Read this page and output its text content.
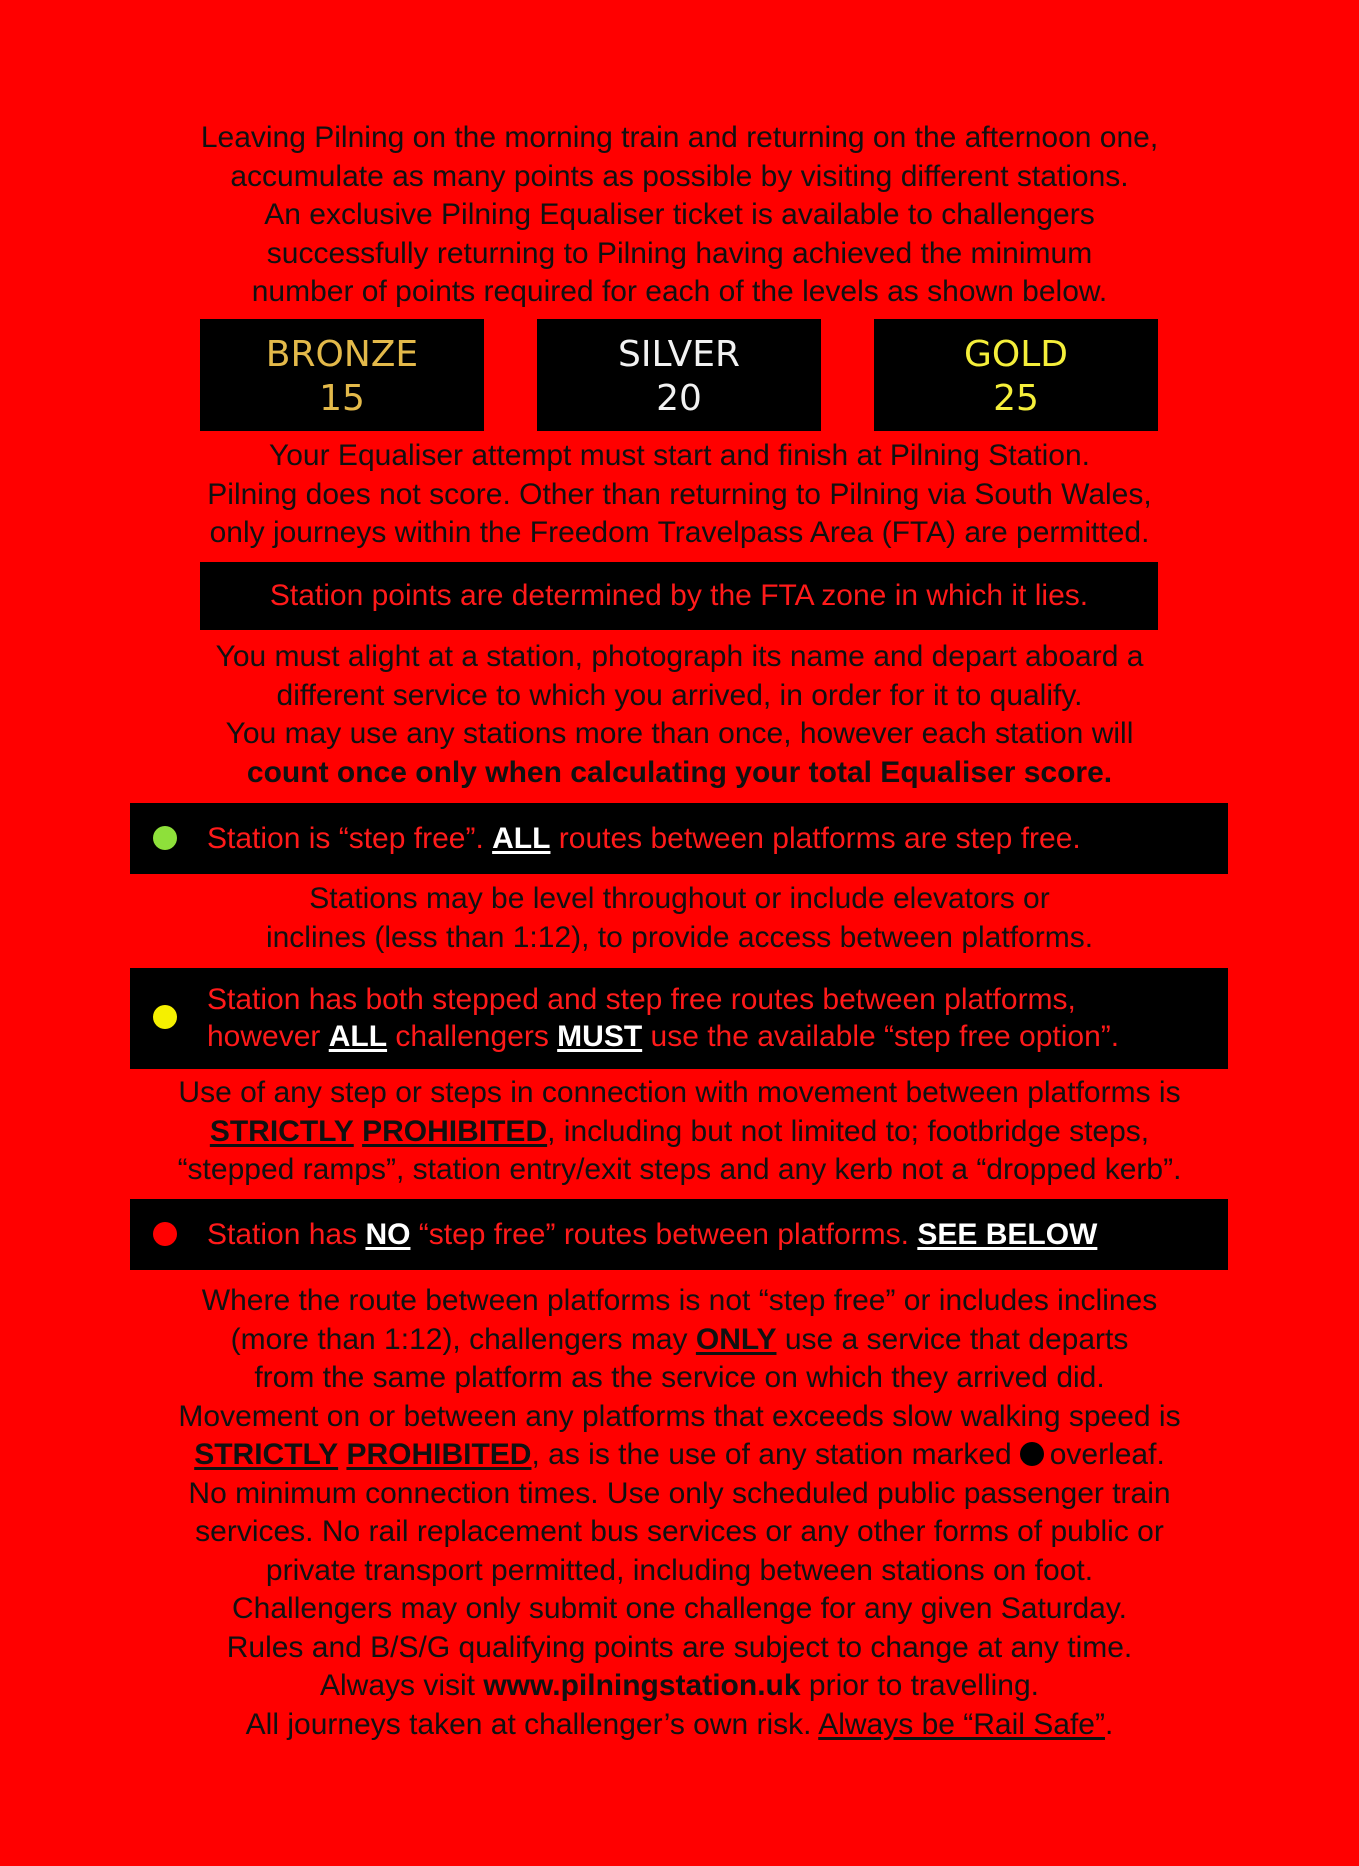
Leaving Pilning on the morning train and returning on the afternoon one,
accumulate as many points as possible by visiting different stations.
An exclusive Pilning Equaliser ticket is available to challengers
successfully returning to Pilning having achieved the minimum
number of points required for each of the levels as shown below.
BRONZE
15
SILVER
20
GOLD
25
Your Equaliser attempt must start and finish at Pilning Station.
Pilning does not score. Other than returning to Pilning via South Wales,
only journeys within the Freedom Travelpass Area (FTA) are permitted.
Station points are determined by the FTA zone in which it lies.
You must alight at a station, photograph its name and depart aboard a
different service to which you arrived, in order for it to qualify.
You may use any stations more than once, however each station will
count once only when calculating your total Equaliser score.
Station is “step free”. ALL routes between platforms are step free.
Stations may be level throughout or include elevators or
inclines (less than 1:12), to provide access between platforms.
Station has both stepped and step free routes between platforms,
however ALL challengers MUST use the available “step free option”.
Use of any step or steps in connection with movement between platforms is
STRICTLY PROHIBITED, including but not limited to; footbridge steps,
“stepped ramps”, station entry/exit steps and any kerb not a “dropped kerb”.
Station has NO “step free” routes between platforms. SEE BELOW
Where the route between platforms is not “step free” or includes inclines
(more than 1:12), challengers may ONLY use a service that departs
from the same platform as the service on which they arrived did.
Movement on or between any platforms that exceeds slow walking speed is
STRICTLY PROHIBITED, as is the use of any station marked overleaf.
No minimum connection times. Use only scheduled public passenger train
services. No rail replacement bus services or any other forms of public or
private transport permitted, including between stations on foot.
Challengers may only submit one challenge for any given Saturday.
Rules and B/S/G qualifying points are subject to change at any time.
Always visit www.pilningstation.uk prior to travelling.
All journeys taken at challenger’s own risk. Always be “Rail Safe”.
